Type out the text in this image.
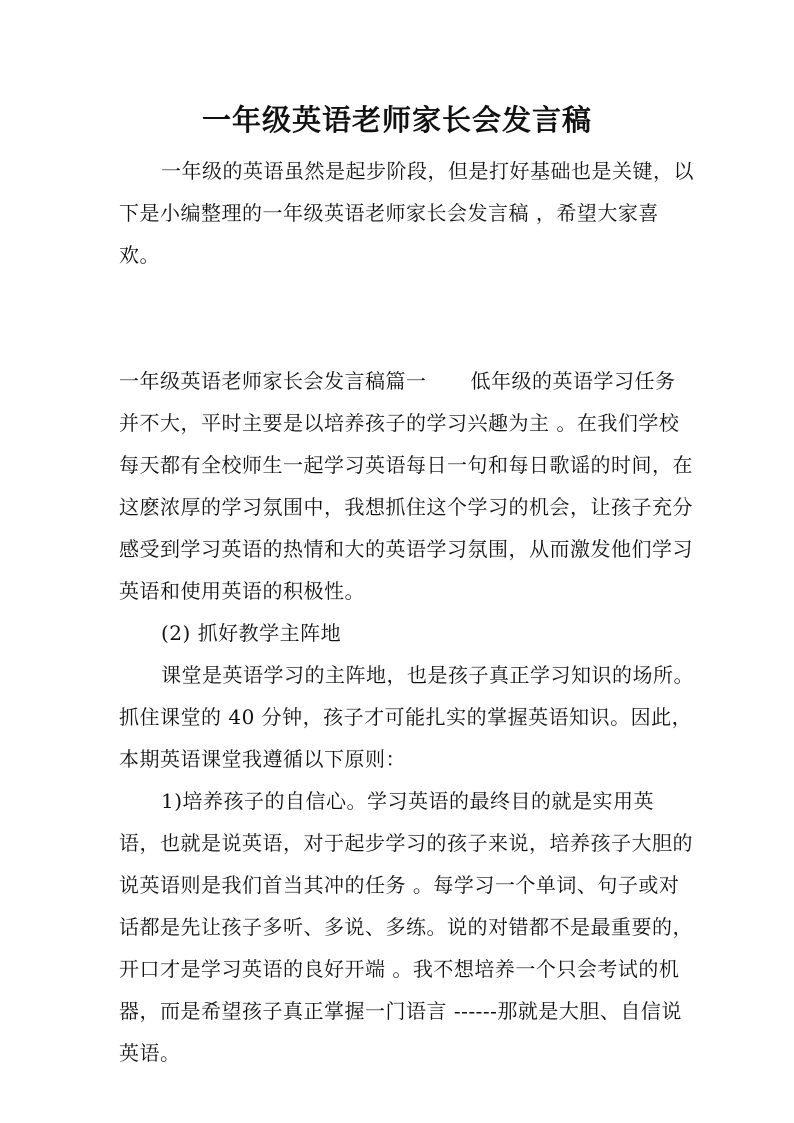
一年级英语老师家长会发言稿

一年级的英语虽然是起步阶段，但是打好基础也是关键，以下是小编整理的一年级英语老师家长会发言稿 ，希望大家喜欢。

一年级英语老师家长会发言稿篇一 低年级的英语学习任务并不大，平时主要是以培养孩子的学习兴趣为主 。在我们学校每天都有全校师生一起学习英语每日一句和每日歌谣的时间，在这麽浓厚的学习氛围中，我想抓住这个学习的机会，让孩子充分感受到学习英语的热情和大的英语学习氛围，从而激发他们学习英语和使用英语的积极性。

(2) 抓好教学主阵地

课堂是英语学习的主阵地，也是孩子真正学习知识的场所。抓住课堂的 40 分钟，孩子才可能扎实的掌握英语知识。因此，本期英语课堂我遵循以下原则：

1)培养孩子的自信心。学习英语的最终目的就是实用英语，也就是说英语，对于起步学习的孩子来说，培养孩子大胆的说英语则是我们首当其冲的任务 。每学习一个单词、句子或对话都是先让孩子多听、多说、多练。说的对错都不是最重要的，开口才是学习英语的良好开端 。我不想培养一个只会考试的机器，而是希望孩子真正掌握一门语言 ------那就是大胆、自信说英语。
